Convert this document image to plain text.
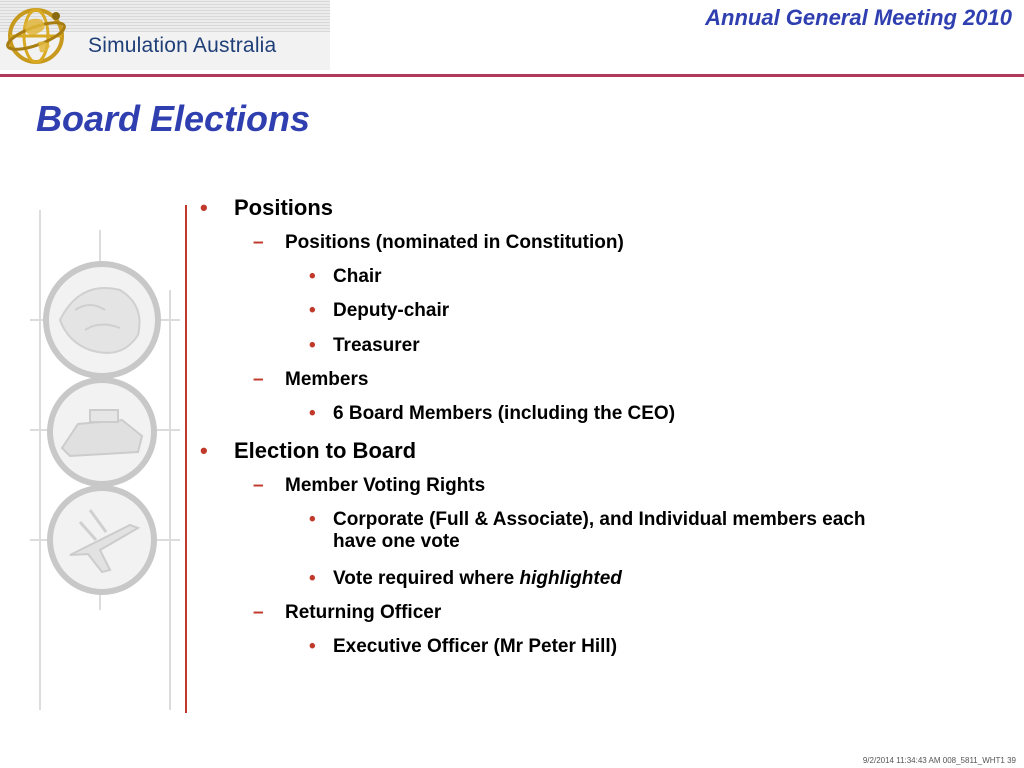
Simulation Australia
Annual General Meeting 2010
Board Elections
•	Positions
–	Positions (nominated in Constitution)
• Chair
• Deputy-chair
• Treasurer
–	Members
• 6 Board Members (including the CEO)
•	Election to Board
–	Member Voting Rights
• Corporate (Full & Associate), and Individual members each
have one vote
• Vote required where highlighted
–	Returning Officer
• Executive Officer (Mr Peter Hill)
9/2/2014 11:34:43 AM 008_5811_WHT1 39
